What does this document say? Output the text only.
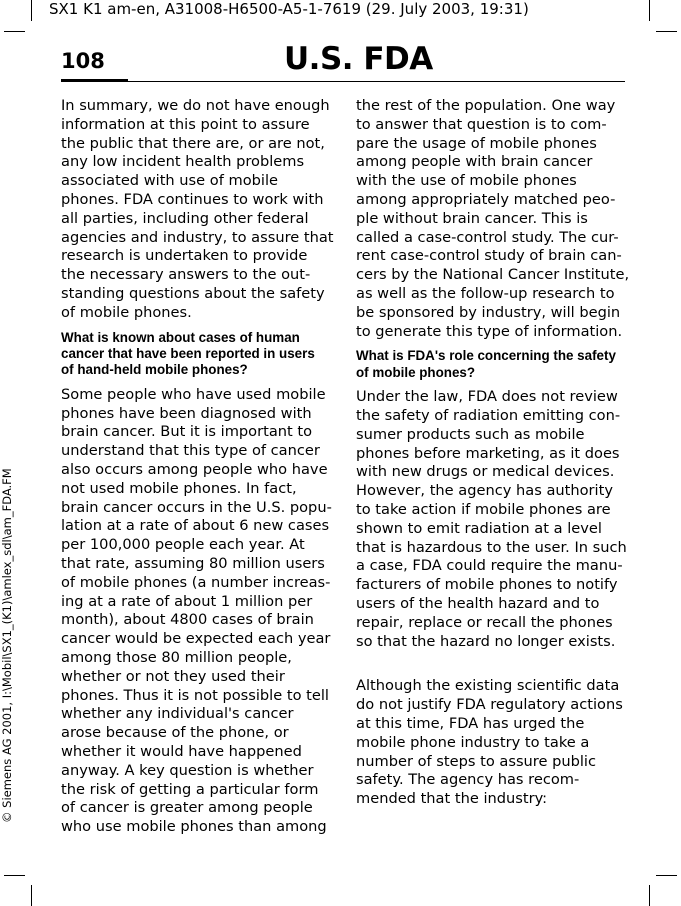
SX1 K1 am-en, A31008-H6500-A5-1-7619 (29. July 2003, 19:31)
© Siemens AG 2001, I:\Mobil\SX1_(K1)\amlex_sdl\am_FDA.FM
108	U.S. FDA

In summary, we do not have enough
information at this point to assure
the public that there are, or are not,
any low incident health problems
associated with use of mobile
phones. FDA continues to work with
all parties, including other federal
agencies and industry, to assure that
research is undertaken to provide
the necessary answers to the out-
standing questions about the safety
of mobile phones.

What is known about cases of human
cancer that have been reported in users
of hand-held mobile phones?

Some people who have used mobile
phones have been diagnosed with
brain cancer. But it is important to
understand that this type of cancer
also occurs among people who have
not used mobile phones. In fact,
brain cancer occurs in the U.S. popu-
lation at a rate of about 6 new cases
per 100,000 people each year. At
that rate, assuming 80 million users
of mobile phones (a number increas-
ing at a rate of about 1 million per
month), about 4800 cases of brain
cancer would be expected each year
among those 80 million people,
whether or not they used their
phones. Thus it is not possible to tell
whether any individual's cancer
arose because of the phone, or
whether it would have happened
anyway. A key question is whether
the risk of getting a particular form
of cancer is greater among people
who use mobile phones than among

the rest of the population. One way
to answer that question is to com-
pare the usage of mobile phones
among people with brain cancer
with the use of mobile phones
among appropriately matched peo-
ple without brain cancer. This is
called a case-control study. The cur-
rent case-control study of brain can-
cers by the National Cancer Institute,
as well as the follow-up research to
be sponsored by industry, will begin
to generate this type of information.

What is FDA's role concerning the safety
of mobile phones?

Under the law, FDA does not review
the safety of radiation emitting con-
sumer products such as mobile
phones before marketing, as it does
with new drugs or medical devices.
However, the agency has authority
to take action if mobile phones are
shown to emit radiation at a level
that is hazardous to the user. In such
a case, FDA could require the manu-
facturers of mobile phones to notify
users of the health hazard and to
repair, replace or recall the phones
so that the hazard no longer exists.

Although the existing scientific data
do not justify FDA regulatory actions
at this time, FDA has urged the
mobile phone industry to take a
number of steps to assure public
safety. The agency has recom-
mended that the industry:
